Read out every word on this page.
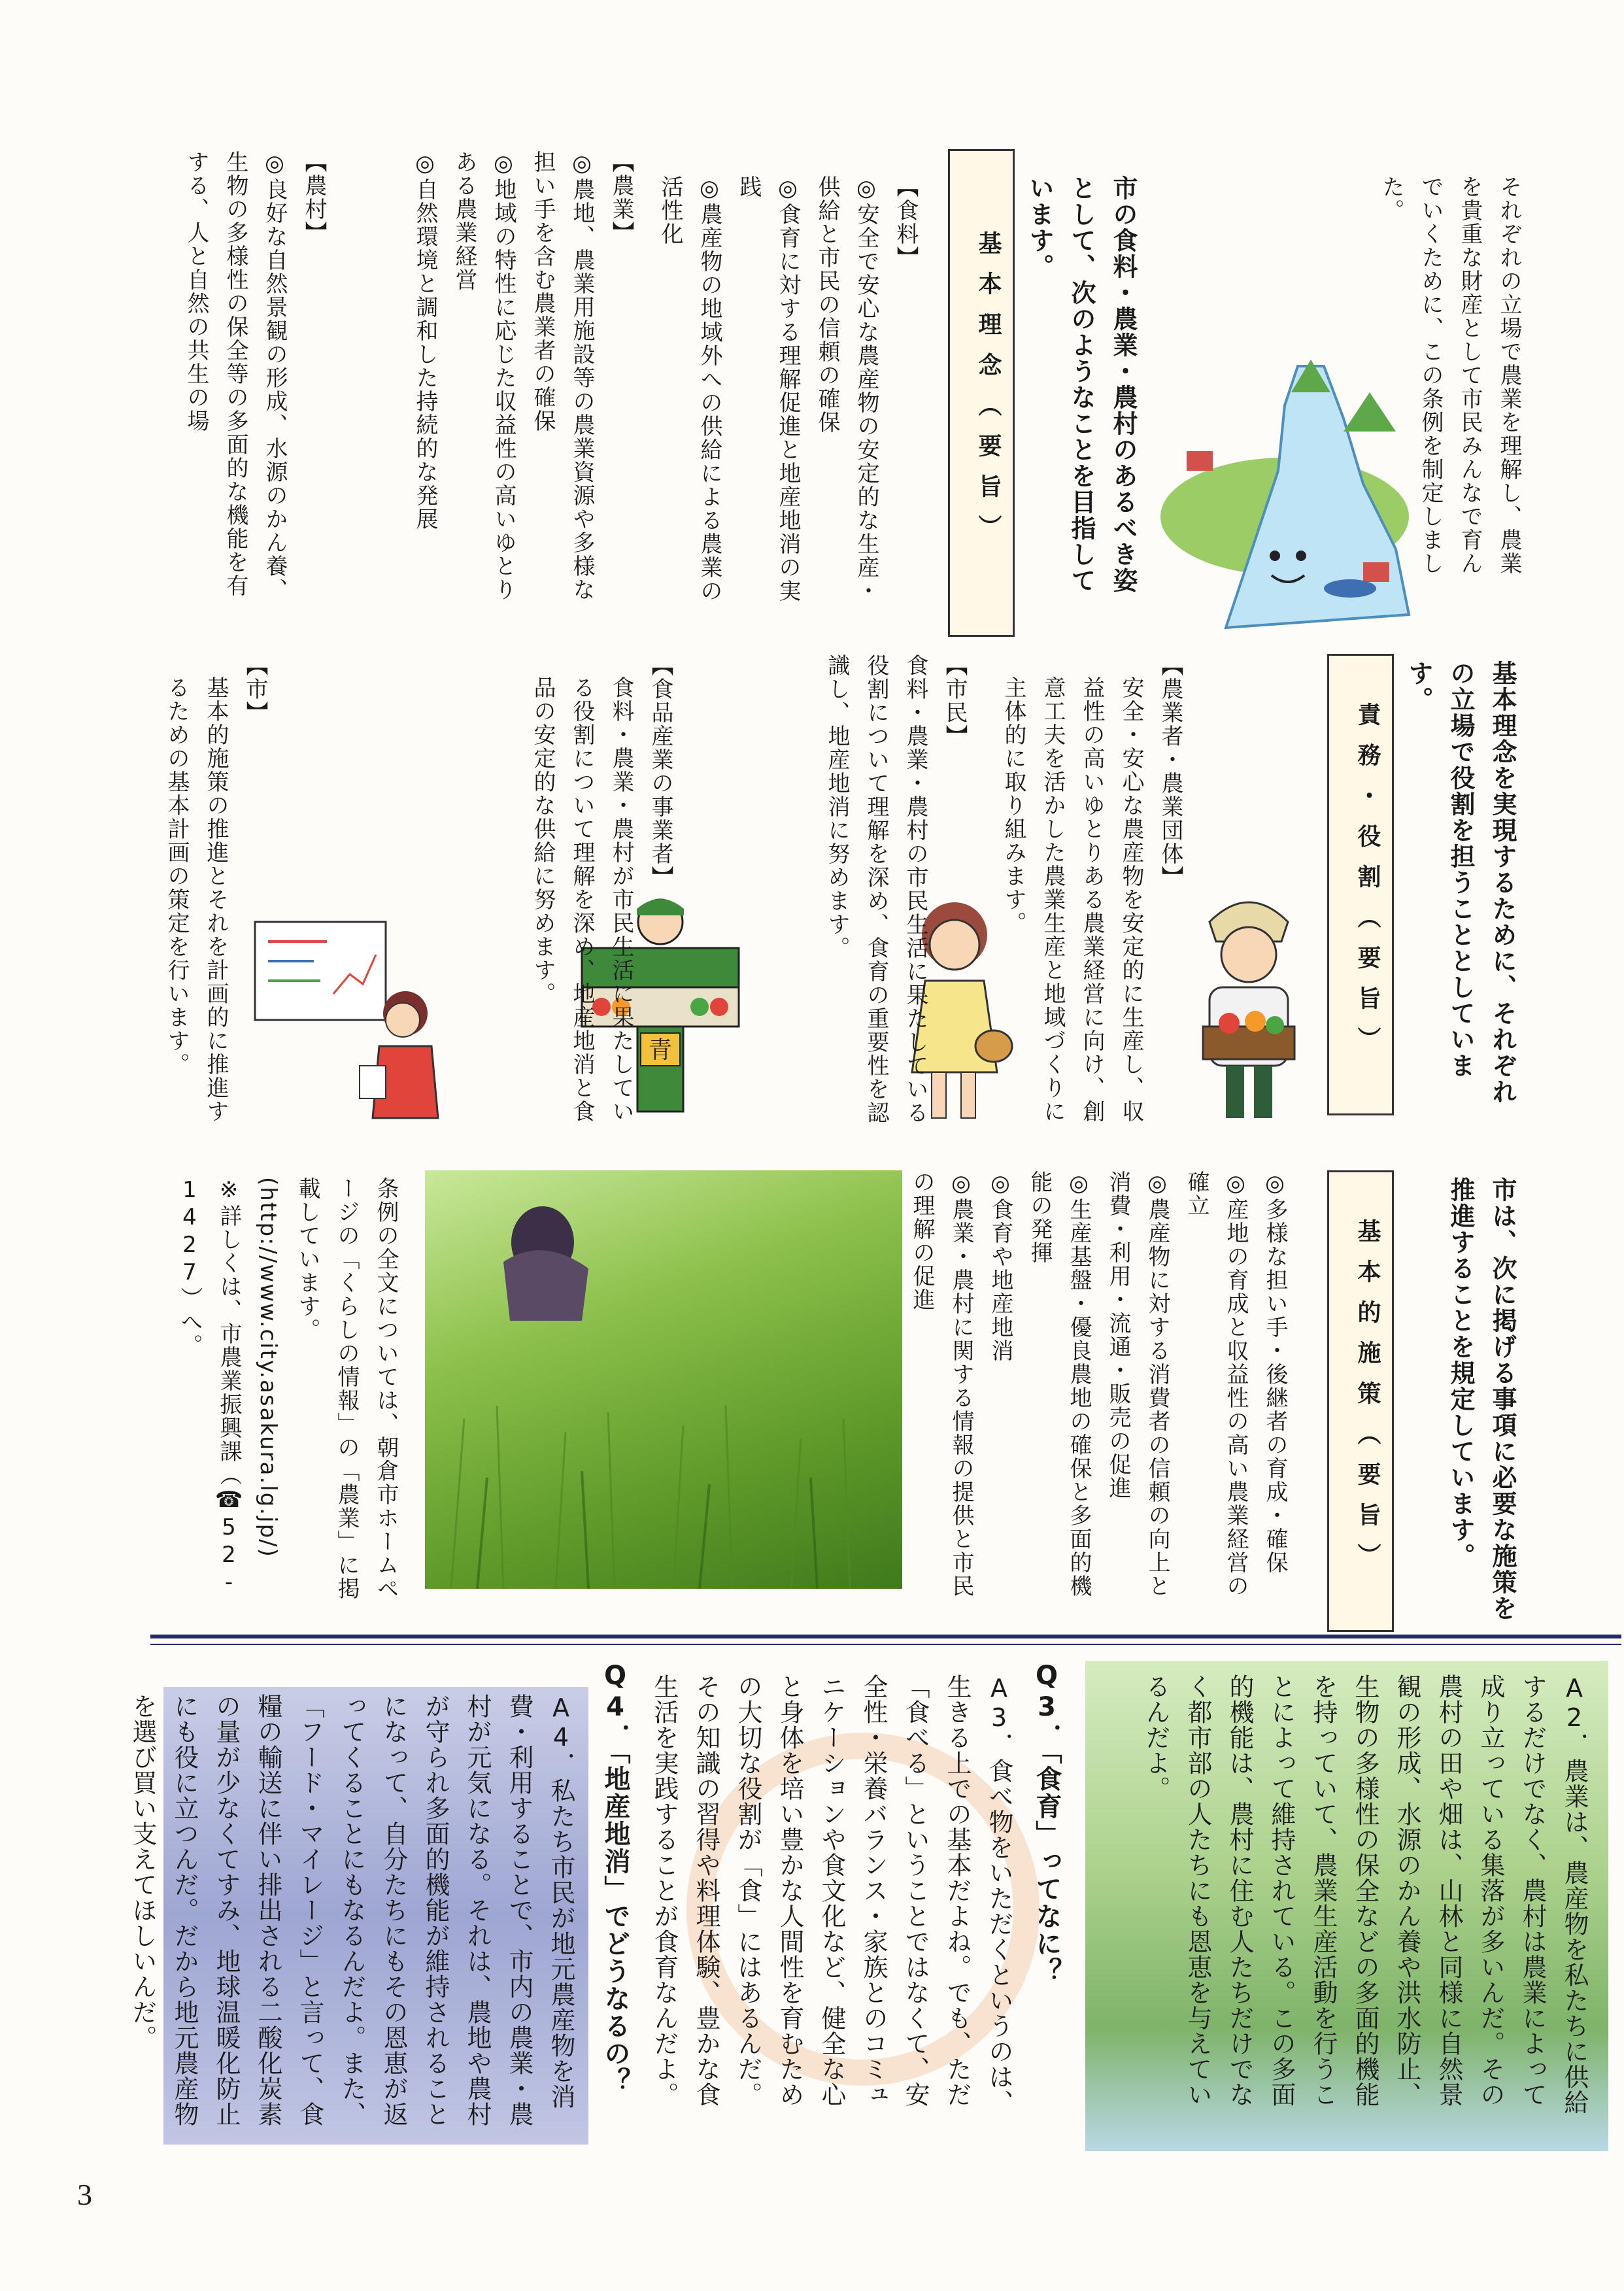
それぞれの立場で農業を理解し、農業を貴重な財産として市民みんなで育んでいくために、この条例を制定しました。

市の食料・農業・農村のあるべき姿として、次のようなことを目指しています。
基本理念（要旨）

【食料】

◎安全で安心な農産物の安定的な生産・供給と市民の信頼の確保

◎食育に対する理解促進と地産地消の実践

◎農産物の地域外への供給による農業の活性化

【農業】

◎農地、農業用施設等の農業資源や多様な担い手を含む農業者の確保

◎地域の特性に応じた収益性の高いゆとりある農業経営

◎自然環境と調和した持続的な発展

【農村】

◎良好な自然景観の形成、水源のかん養、生物の多様性の保全等の多面的な機能を有する、人と自然の共生の場

基本理念を実現するために、それぞれの立場で役割を担うこととしています。
責務・役割（要旨）

【農業者・農業団体】

安全・安心な農産物を安定的に生産し、収益性の高いゆとりある農業経営に向け、創意工夫を活かした農業生産と地域づくりに主体的に取り組みます。

【市民】

食料・農業・農村の市民生活に果たしている役割について理解を深め、食育の重要性を認識し、地産地消に努めます。

青

【食品産業の事業者】

食料・農業・農村が市民生活に果たしている役割について理解を深め、地産地消と食品の安定的な供給に努めます。

【市】

基本的施策の推進とそれを計画的に推進するための基本計画の策定を行います。

市は、次に掲げる事項に必要な施策を推進することを規定しています。
基本的施策（要旨）

◎多様な担い手・後継者の育成・確保

◎産地の育成と収益性の高い農業経営の確立

◎農産物に対する消費者の信頼の向上と消費・利用・流通・販売の促進

◎生産基盤・優良農地の確保と多面的機能の発揮

◎食育や地産地消

◎農業・農村に関する情報の提供と市民の理解の促進

条例の全文については、朝倉市ホームページの「くらしの情報」の「農業」に掲載しています。

(http://www.city.asakura.lg.jp/)

※詳しくは、市農業振興課（☎52-1427）へ。

A2．農業は、農産物を私たちに供給するだけでなく、農村は農業によって成り立っている集落が多いんだ。その農村の田や畑は、山林と同様に自然景観の形成、水源のかん養や洪水防止、生物の多様性の保全などの多面的機能を持っていて、農業生産活動を行うことによって維持されている。この多面的機能は、農村に住む人たちだけでなく都市部の人たちにも恩恵を与えているんだよ。
Q3．「食育」ってなに？
A3．食べ物をいただくというのは、生きる上での基本だよね。でも、ただ「食べる」ということではなくて、安全性・栄養バランス・家族とのコミュニケーションや食文化など、健全な心と身体を培い豊かな人間性を育むための大切な役割が「食」にはあるんだ。その知識の習得や料理体験、豊かな食生活を実践することが食育なんだよ。
Q4．「地産地消」でどうなるの？
A4．私たち市民が地元農産物を消費・利用することで、市内の農業・農村が元気になる。それは、農地や農村が守られ多面的機能が維持されることになって、自分たちにもその恩恵が返ってくることにもなるんだよ。また、「フード・マイレージ」と言って、食糧の輸送に伴い排出される二酸化炭素の量が少なくてすみ、地球温暖化防止にも役に立つんだ。だから地元農産物を選び買い支えてほしいんだ。
3
